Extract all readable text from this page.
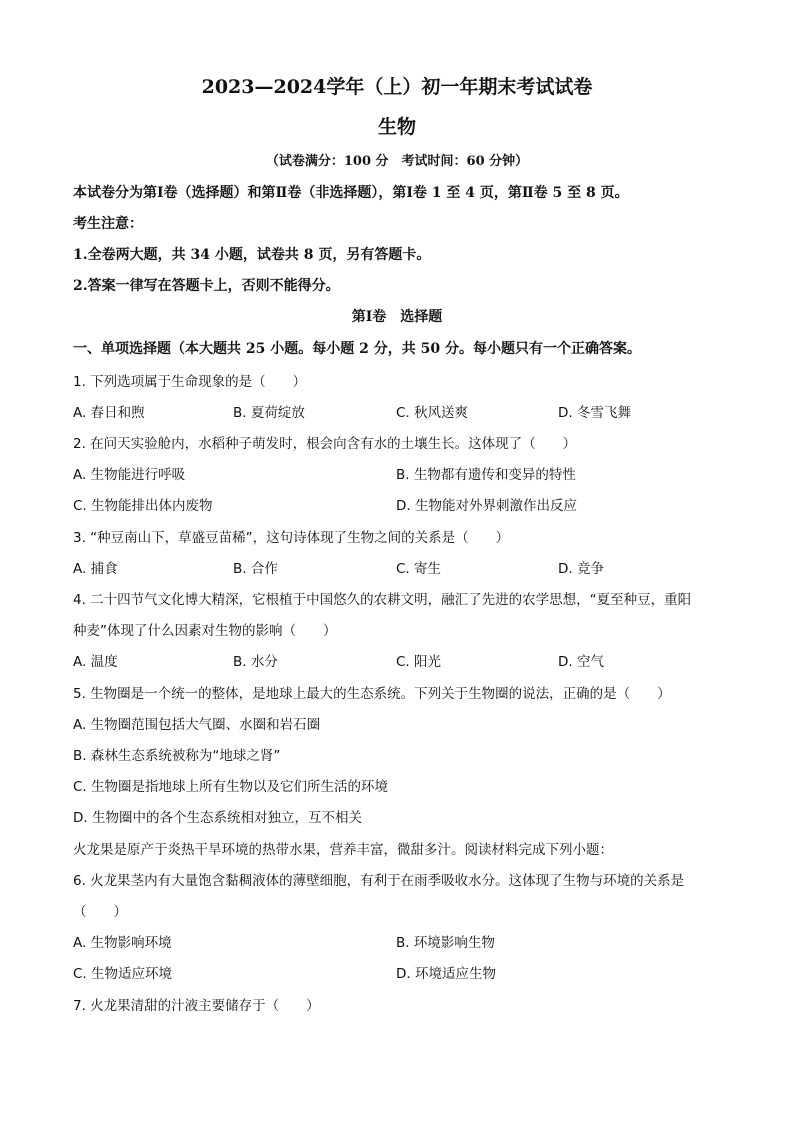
2023—2024学年（上）初一年期末考试试卷
生物
（试卷满分：100 分　考试时间：60 分钟）
本试卷分为第Ⅰ卷（选择题）和第Ⅱ卷（非选择题），第Ⅰ卷 1 至 4 页，第Ⅱ卷 5 至 8 页。
考生注意：
1.全卷两大题，共 34 小题，试卷共 8 页，另有答题卡。
2.答案一律写在答题卡上，否则不能得分。
第Ⅰ卷　选择题
一、单项选择题（本大题共 25 小题。每小题 2 分，共 50 分。每小题只有一个正确答案。
1. 下列选项属于生命现象的是（　　）
A. 春日和煦	B. 夏荷绽放	C. 秋风送爽	D. 冬雪飞舞
2. 在问天实验舱内，水稻种子萌发时，根会向含有水的土壤生长。这体现了（　　）
A. 生物能进行呼吸	B. 生物都有遗传和变异的特性
C. 生物能排出体内废物	D. 生物能对外界刺激作出反应
3. “种豆南山下，草盛豆苗稀”，这句诗体现了生物之间的关系是（　　）
A. 捕食	B. 合作	C. 寄生	D. 竞争
4. 二十四节气文化博大精深，它根植于中国悠久的农耕文明，融汇了先进的农学思想，“夏至种豆，重阳
种麦”体现了什么因素对生物的影响（　　）
A. 温度	B. 水分	C. 阳光	D. 空气
5. 生物圈是一个统一的整体，是地球上最大的生态系统。下列关于生物圈的说法，正确的是（　　）
A. 生物圈范围包括大气圈、水圈和岩石圈
B. 森林生态系统被称为“地球之肾”
C. 生物圈是指地球上所有生物以及它们所生活的环境
D. 生物圈中的各个生态系统相对独立，互不相关
火龙果是原产于炎热干旱环境的热带水果，营养丰富，微甜多汁。阅读材料完成下列小题：
6. 火龙果茎内有大量饱含黏稠液体的薄壁细胞，有利于在雨季吸收水分。这体现了生物与环境的关系是
（　　）
A. 生物影响环境	B. 环境影响生物
C. 生物适应环境	D. 环境适应生物
7. 火龙果清甜的汁液主要储存于（　　）
